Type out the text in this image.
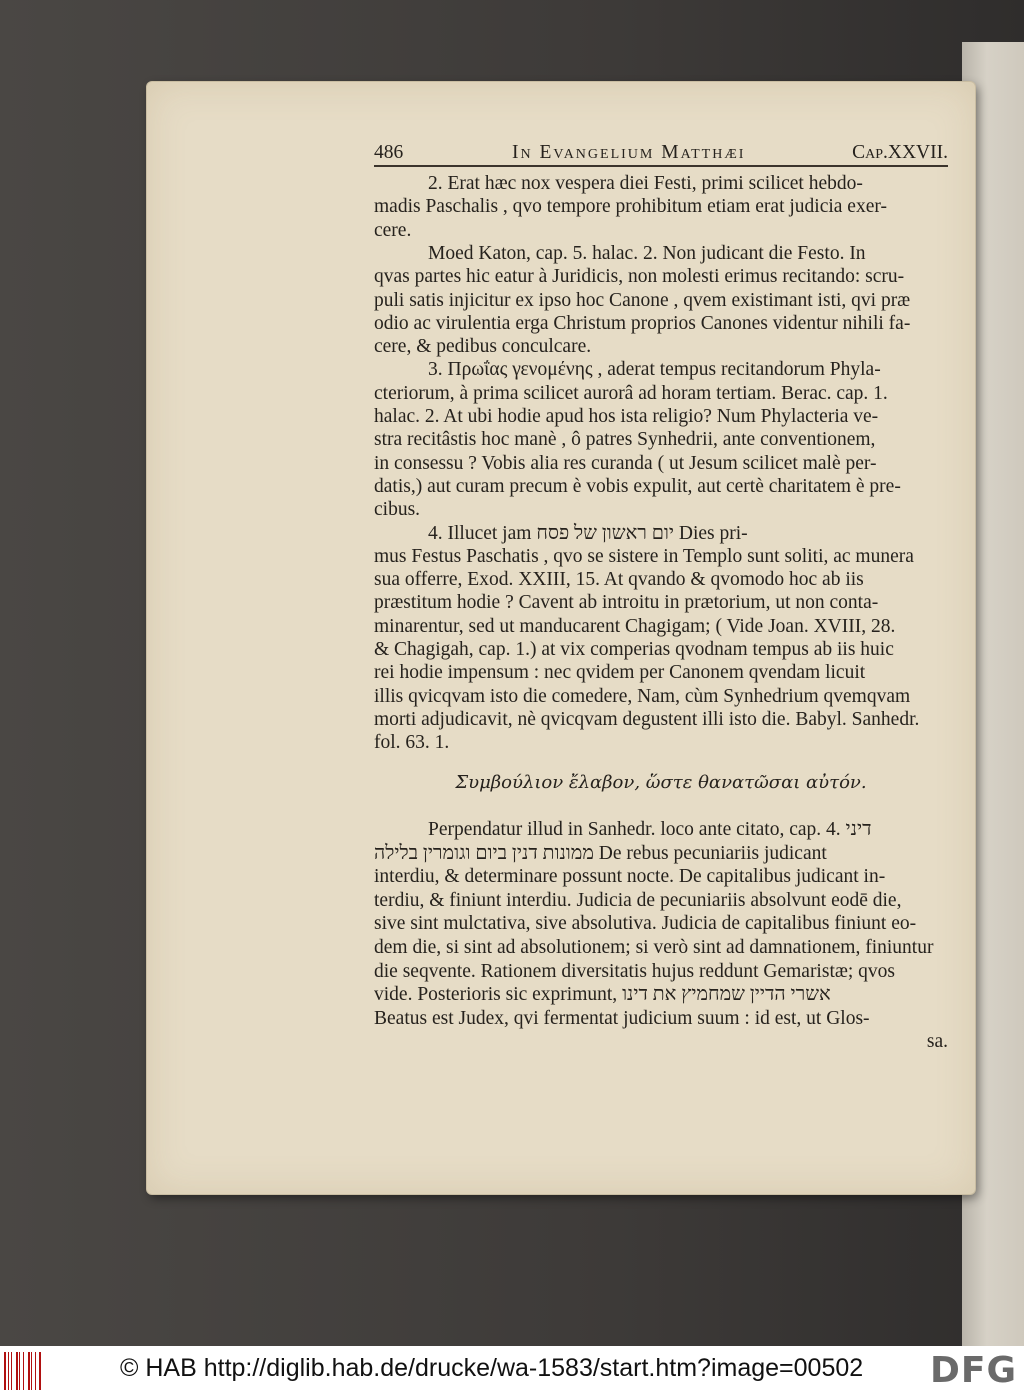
486	In Evangelium Matthæi	Cap.XXVII.
2. Erat hæc nox vespera diei Festi, primi scilicet hebdo-
madis Paschalis , qvo tempore prohibitum etiam erat judicia exer-
cere.
Moed Katon, cap. 5. halac. 2. Non judicant die Festo. In
qvas partes hic eatur à Juridicis, non molesti erimus recitando: scru-
puli satis injicitur ex ipso hoc Canone , qvem existimant isti, qvi præ
odio ac virulentia erga Christum proprios Canones videntur nihili fa-
cere, & pedibus conculcare.
3. Πρωΐας γενομένης , aderat tempus recitandorum Phyla-
cteriorum, à prima scilicet aurorâ ad horam tertiam. Berac. cap. 1.
halac. 2. At ubi hodie apud hos ista religio? Num Phylacteria ve-
stra recitâstis hoc manè , ô patres Synhedrii, ante conventionem,
in consessu ? Vobis alia res curanda ( ut Jesum scilicet malè per-
datis,) aut curam precum è vobis expulit, aut certè charitatem è pre-
cibus.
4. Illucet jam יום ראשון של פסח Dies pri-
mus Festus Paschatis , qvo se sistere in Templo sunt soliti, ac munera
sua offerre, Exod. XXIII, 15. At qvando & qvomodo hoc ab iis
præstitum hodie ? Cavent ab introitu in prætorium, ut non conta-
minarentur, sed ut manducarent Chagigam; ( Vide Joan. XVIII, 28.
& Chagigah, cap. 1.) at vix comperias qvodnam tempus ab iis huic
rei hodie impensum : nec qvidem per Canonem qvendam licuit
illis qvicqvam isto die comedere, Nam, cùm Synhedrium qvemqvam
morti adjudicavit, nè qvicqvam degustent illi isto die. Babyl. Sanhedr.
fol. 63. 1.
Συμβούλιον ἔλαβον, ὥστε θανατῶσαι αὐτόν.
Perpendatur illud in Sanhedr. loco ante citato, cap. 4. דיני
ממונות דנין ביום וגומרין בלילה De rebus pecuniariis judicant
interdiu, & determinare possunt nocte. De capitalibus judicant in-
terdiu, & finiunt interdiu. Judicia de pecuniariis absolvunt eodē die,
sive sint mulctativa, sive absolutiva. Judicia de capitalibus finiunt eo-
dem die, si sint ad absolutionem; si verò sint ad damnationem, finiuntur
die seqvente. Rationem diversitatis hujus reddunt Gemaristæ; qvos
vide. Posterioris sic exprimunt, אשרי הדיין שמחמיץ את דינו
Beatus est Judex, qvi fermentat judicium suum : id est, ut Glos-
sa.
© HAB http://diglib.hab.de/drucke/wa-1583/start.htm?image=00502 DFG
